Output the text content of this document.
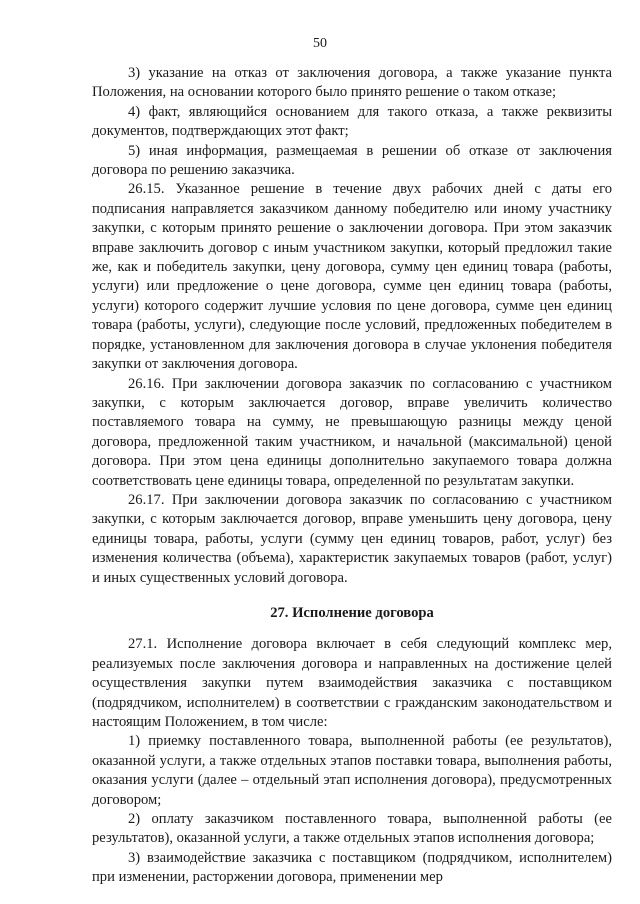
50

3) указание на отказ от заключения договора, а также указание пункта Положения, на основании которого было принято решение о таком отказе;

4) факт, являющийся основанием для такого отказа, а также реквизиты документов, подтверждающих этот факт;

5) иная информация, размещаемая в решении об отказе от заключения договора по решению заказчика.

26.15. Указанное решение в течение двух рабочих дней с даты его подписания направляется заказчиком данному победителю или иному участнику закупки, с которым принято решение о заключении договора. При этом заказчик вправе заключить договор с иным участником закупки, который предложил такие же, как и победитель закупки, цену договора, сумму цен единиц товара (работы, услуги) или предложение о цене договора, сумме цен единиц товара (работы, услуги) которого содержит лучшие условия по цене договора, сумме цен единиц товара (работы, услуги), следующие после условий, предложенных победителем в порядке, установленном для заключения договора в случае уклонения победителя закупки от заключения договора.

26.16. При заключении договора заказчик по согласованию с участником закупки, с которым заключается договор, вправе увеличить количество поставляемого товара на сумму, не превышающую разницы между ценой договора, предложенной таким участником, и начальной (максимальной) ценой договора. При этом цена единицы дополнительно закупаемого товара должна соответствовать цене единицы товара, определенной по результатам закупки.

26.17. При заключении договора заказчик по согласованию с участником закупки, с которым заключается договор, вправе уменьшить цену договора, цену единицы товара, работы, услуги (сумму цен единиц товаров, работ, услуг) без изменения количества (объема), характеристик закупаемых товаров (работ, услуг) и иных существенных условий договора.

27. Исполнение договора

27.1. Исполнение договора включает в себя следующий комплекс мер, реализуемых после заключения договора и направленных на достижение целей осуществления закупки путем взаимодействия заказчика с поставщиком (подрядчиком, исполнителем) в соответствии с гражданским законодательством и настоящим Положением, в том числе:

1) приемку поставленного товара, выполненной работы (ее результатов), оказанной услуги, а также отдельных этапов поставки товара, выполнения работы, оказания услуги (далее – отдельный этап исполнения договора), предусмотренных договором;

2) оплату заказчиком поставленного товара, выполненной работы (ее результатов), оказанной услуги, а также отдельных этапов исполнения договора;

3) взаимодействие заказчика с поставщиком (подрядчиком, исполнителем) при изменении, расторжении договора, применении мер
